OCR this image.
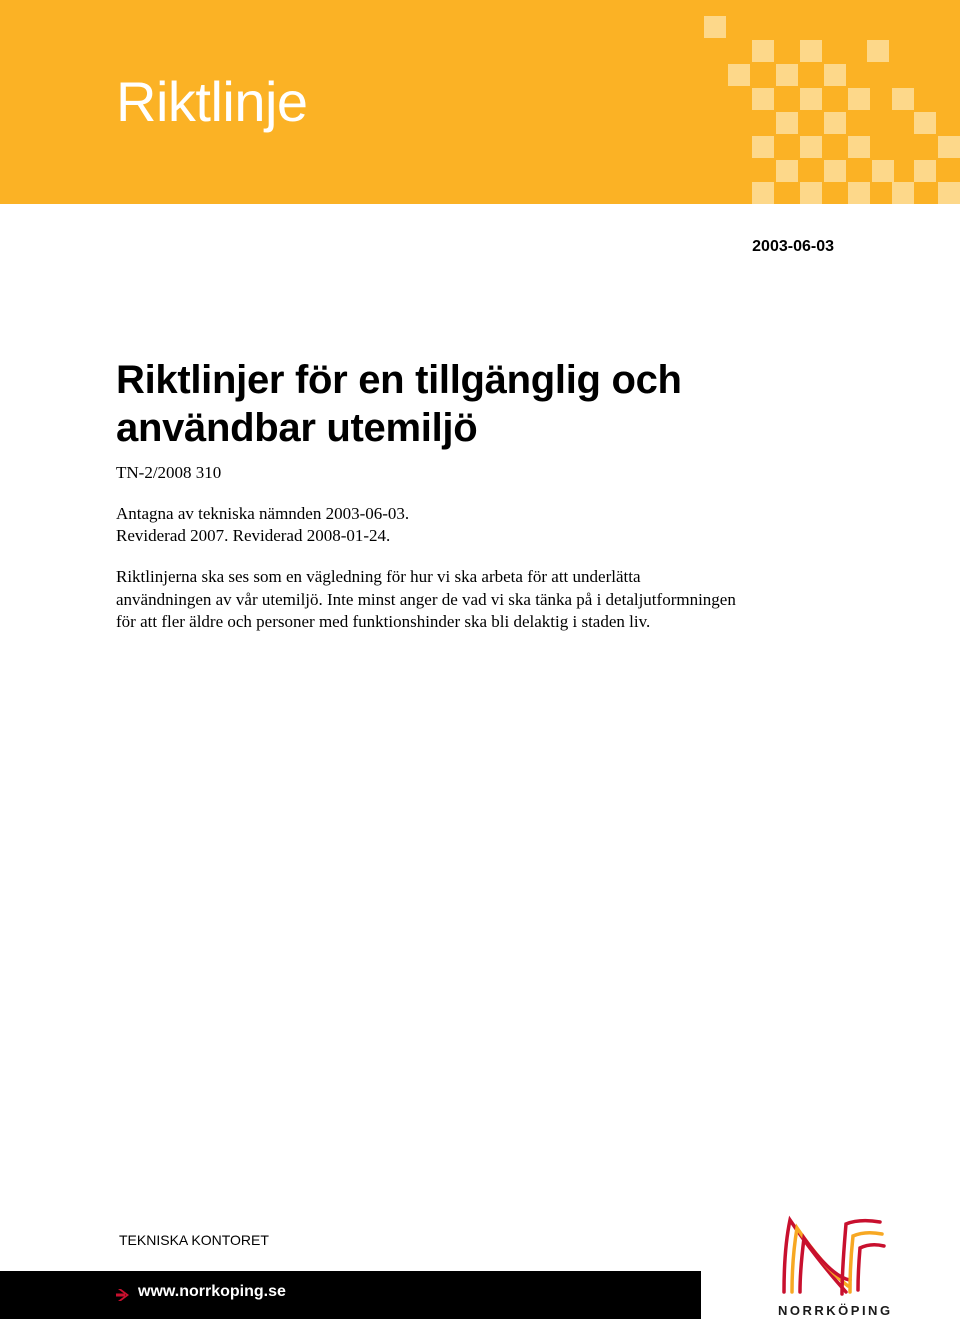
Riktlinje
2003-06-03
Riktlinjer för en tillgänglig och användbar utemiljö
TN-2/2008 310
Antagna av tekniska nämnden 2003-06-03.
Reviderad 2007. Reviderad 2008-01-24.

Riktlinjerna ska ses som en vägledning för hur vi ska arbeta för att underlätta användningen av vår utemiljö. Inte minst anger de vad vi ska tänka på i detaljutformningen för att fler äldre och personer med funktionshinder ska bli delaktig i staden liv.

TEKNISKA KONTORET
www.norrkoping.se
NORRKÖPING
